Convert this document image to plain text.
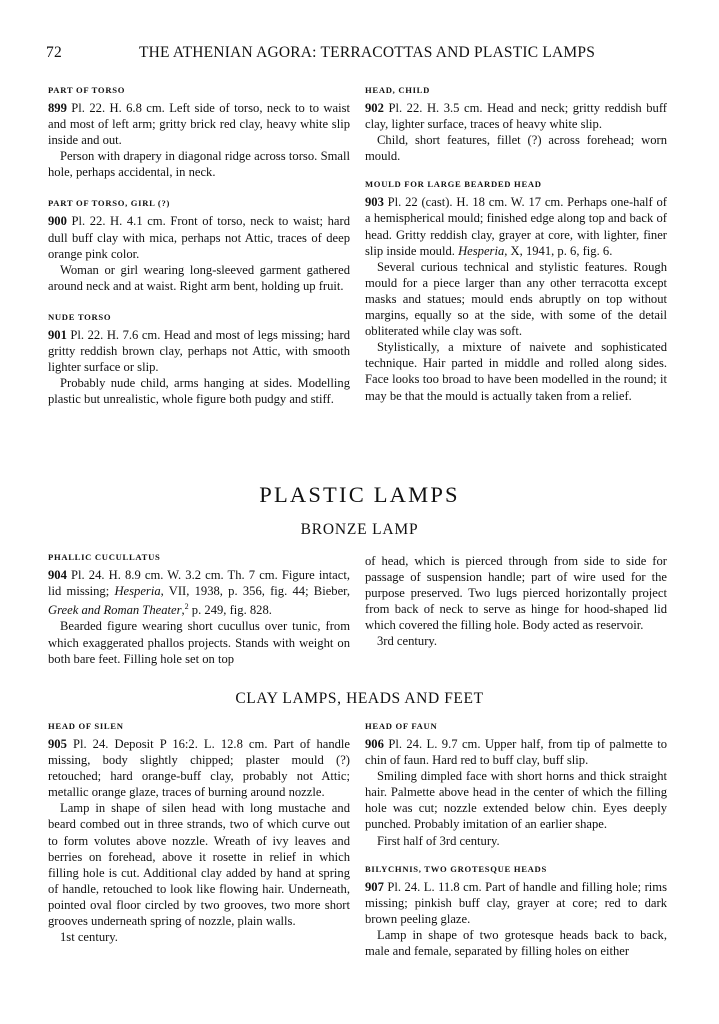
72	THE ATHENIAN AGORA: TERRACOTTAS AND PLASTIC LAMPS
PART OF TORSO

899 Pl. 22. H. 6.8 cm. Left side of torso, neck to to waist and most of left arm; gritty brick red clay, heavy white slip inside and out.

Person with drapery in diagonal ridge across torso. Small hole, perhaps accidental, in neck.

PART OF TORSO, GIRL (?)

900 Pl. 22. H. 4.1 cm. Front of torso, neck to waist; hard dull buff clay with mica, perhaps not Attic, traces of deep orange pink color.

Woman or girl wearing long-sleeved garment gathered around neck and at waist. Right arm bent, holding up fruit.

NUDE TORSO

901 Pl. 22. H. 7.6 cm. Head and most of legs missing; hard gritty reddish brown clay, perhaps not Attic, with smooth lighter surface or slip.

Probably nude child, arms hanging at sides. Modelling plastic but unrealistic, whole figure both pudgy and stiff.

HEAD, CHILD

902 Pl. 22. H. 3.5 cm. Head and neck; gritty reddish buff clay, lighter surface, traces of heavy white slip.

Child, short features, fillet (?) across forehead; worn mould.

MOULD FOR LARGE BEARDED HEAD

903 Pl. 22 (cast). H. 18 cm. W. 17 cm. Perhaps one-half of a hemispherical mould; finished edge along top and back of head. Gritty reddish clay, grayer at core, with lighter, finer slip inside mould. Hesperia, X, 1941, p. 6, fig. 6.

Several curious technical and stylistic features. Rough mould for a piece larger than any other terracotta except masks and statues; mould ends abruptly on top without margins, equally so at the side, with some of the detail obliterated while clay was soft.

Stylistically, a mixture of naivete and sophisticated technique. Hair parted in middle and rolled along sides. Face looks too broad to have been modelled in the round; it may be that the mould is actually taken from a relief.

PLASTIC LAMPS
BRONZE LAMP
PHALLIC CUCULLATUS

904 Pl. 24. H. 8.9 cm. W. 3.2 cm. Th. 7 cm. Figure intact, lid missing; Hesperia, VII, 1938, p. 356, fig. 44; Bieber, Greek and Roman Theater,$^2$ p. 249, fig. 828.

Bearded figure wearing short cucullus over tunic, from which exaggerated phallos projects. Stands with weight on both bare feet. Filling hole set on top

of head, which is pierced through from side to side for passage of suspension handle; part of wire used for the purpose preserved. Two lugs pierced horizontally project from back of neck to serve as hinge for hood-shaped lid which covered the filling hole. Body acted as reservoir.

3rd century.

CLAY LAMPS, HEADS AND FEET
HEAD OF SILEN

905 Pl. 24. Deposit P 16:2. L. 12.8 cm. Part of handle missing, body slightly chipped; plaster mould (?) retouched; hard orange-buff clay, probably not Attic; metallic orange glaze, traces of burning around nozzle.

Lamp in shape of silen head with long mustache and beard combed out in three strands, two of which curve out to form volutes above nozzle. Wreath of ivy leaves and berries on forehead, above it rosette in relief in which filling hole is cut. Additional clay added by hand at spring of handle, retouched to look like flowing hair. Underneath, pointed oval floor circled by two grooves, two more short grooves underneath spring of nozzle, plain walls.

1st century.

HEAD OF FAUN

906 Pl. 24. L. 9.7 cm. Upper half, from tip of palmette to chin of faun. Hard red to buff clay, buff slip.

Smiling dimpled face with short horns and thick straight hair. Palmette above head in the center of which the filling hole was cut; nozzle extended below chin. Eyes deeply punched. Probably imitation of an earlier shape.

First half of 3rd century.

BILYCHNIS, TWO GROTESQUE HEADS

907 Pl. 24. L. 11.8 cm. Part of handle and filling hole; rims missing; pinkish buff clay, grayer at core; red to dark brown peeling glaze.

Lamp in shape of two grotesque heads back to back, male and female, separated by filling holes on either
